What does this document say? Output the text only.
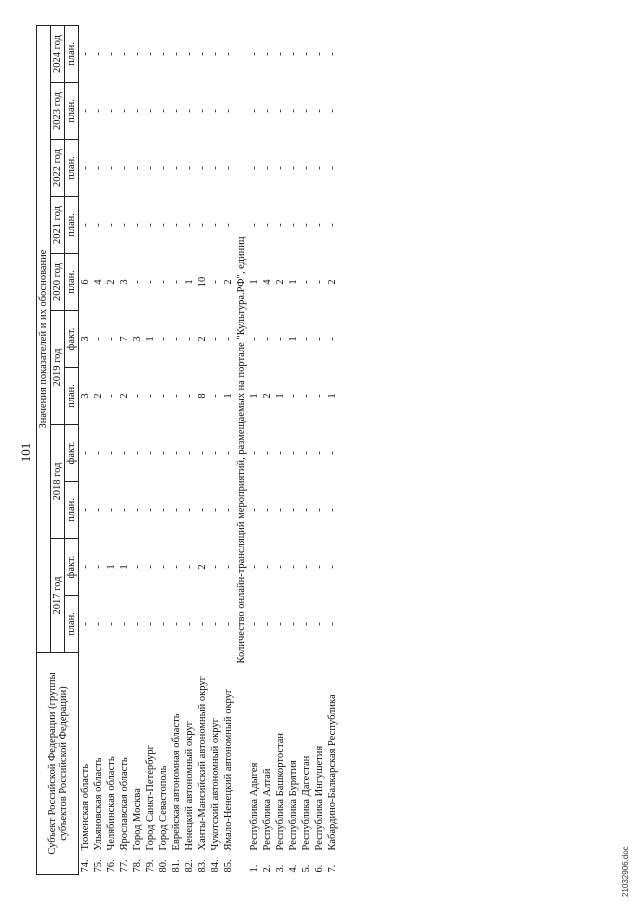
101
Субъект Российской Федерации (группы субъектов Российской Федерации)		Значения показателей и их обоснование										
		2017 год		2018 год		2019 год		2020 год	2021 год	2022 год	2023 год	2024 год
		план.	факт.	план.	факт.	план.	факт.	план.	план.	план.	план.	план.
74.	Тюменская область	-	-	-	-	3	3	6	-	-	-	-
75.	Ульяновская область	-	-	-	-	2	-	4	-	-	-	-
76.	Челябинская область	-	1	-	-	-	-	2	-	-	-	-
77.	Ярославская область	-	1	-	-	2	7	3	-	-	-	-
78.	Город Москва	-	-	-	-	-	3	-	-	-	-	-
79.	Город Санкт-Петербург	-	-	-	-	-	1	-	-	-	-	-
80.	Город Севастополь	-	-	-	-	-	-	-	-	-	-	-
81.	Еврейская автономная область	-	-	-	-	-	-	-	-	-	-	-
82.	Ненецкий автономный округ	-	-	-	-	-	-	1	-	-	-	-
83.	Ханты-Мансийский автономный округ	-	2	-	-	8	2	10	-	-	-	-
84.	Чукотский автономный округ	-	-	-	-	-	-	-	-	-	-	-
85.	Ямало-Ненецкий автономный округ	-	-	-	-	1	-	2	-	-	-	-
Количество онлайн-трансляций мероприятий, размещаемых на портале "Культура.РФ", единиц												
1.	Республика Адыгея	-	-	-	-	1	-	1	-	-	-	-
2.	Республика Алтай	-	-	-	-	2	-	4	-	-	-	-
3.	Республика Башкортостан	-	-	-	-	1	-	2	-	-	-	-
4.	Республика Бурятия	-	-	-	-	-	1	1	-	-	-	-
5.	Республика Дагестан	-	-	-	-	-	-	-	-	-	-	-
6.	Республика Ингушетия	-	-	-	-	-	-	-	-	-	-	-
7.	Кабардино-Балкарская Республика	-	-	-	-	1	-	2	-	-	-	-
21032906.doc
